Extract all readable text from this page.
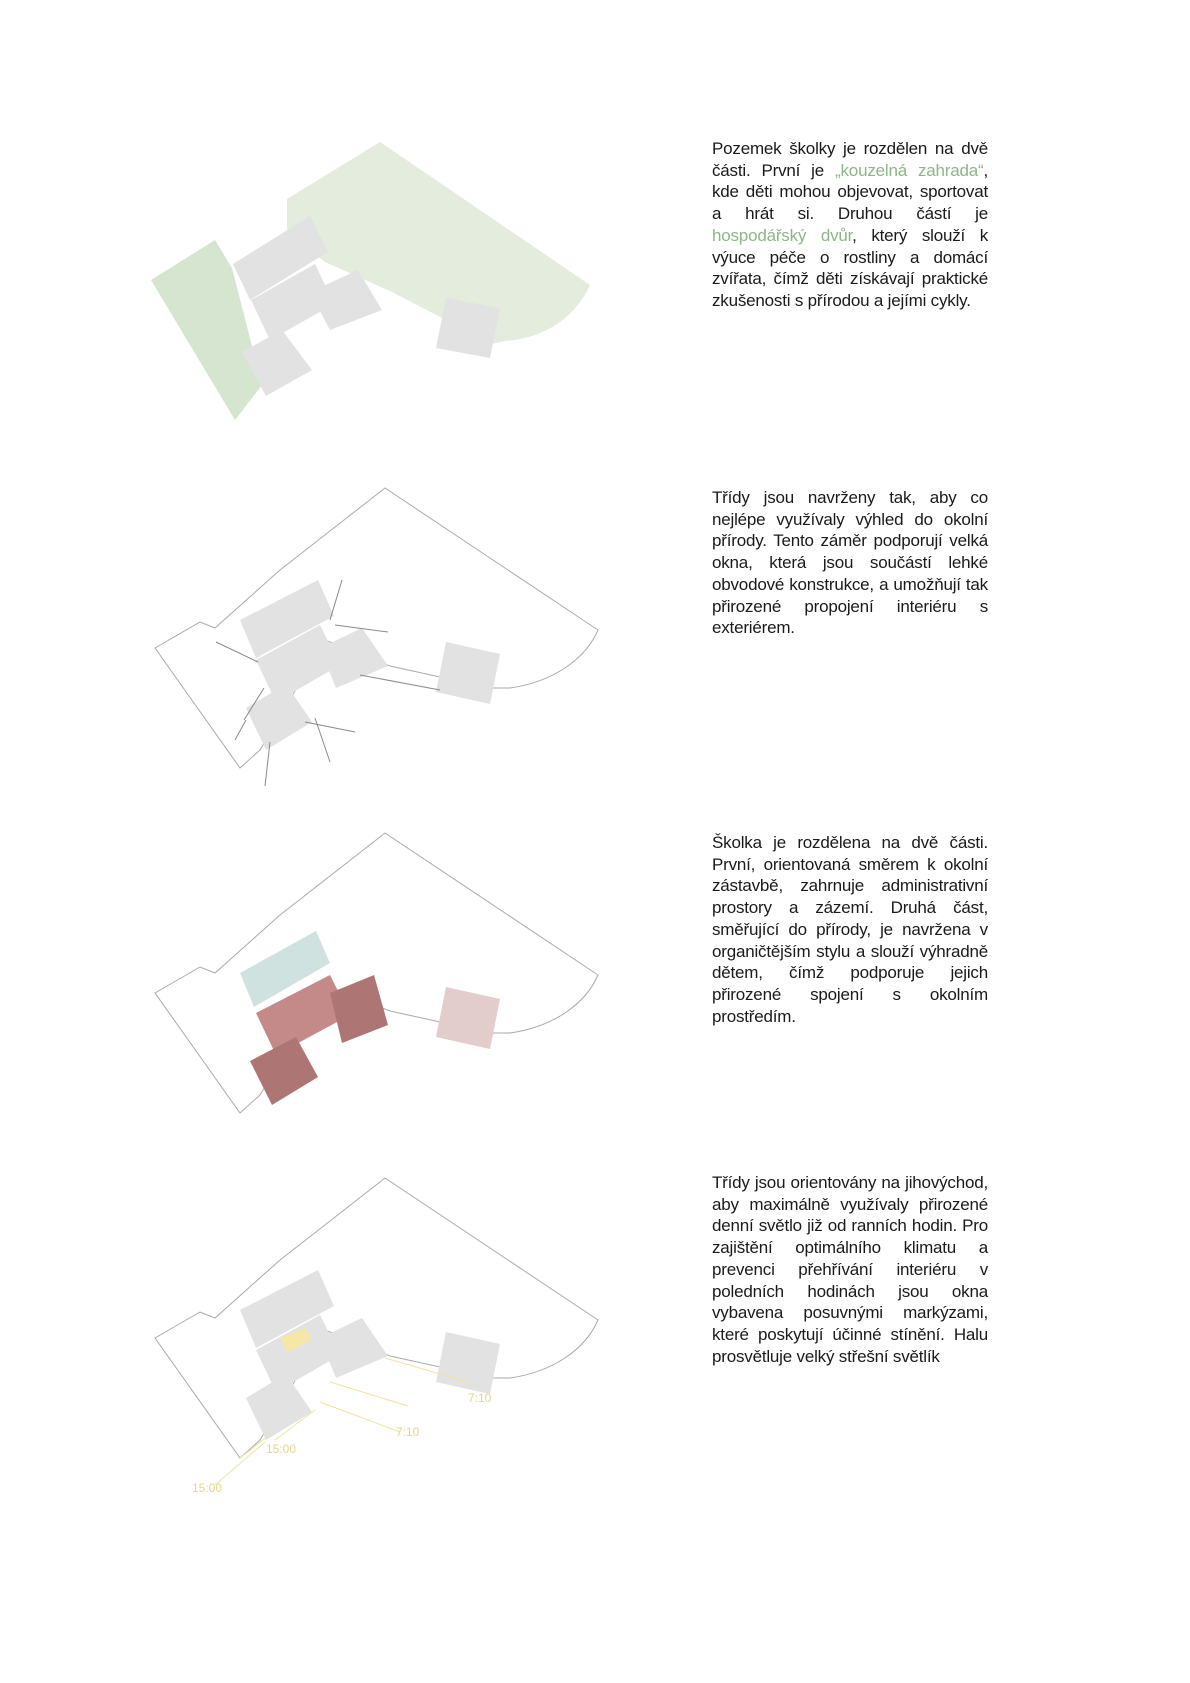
Pozemek školky je rozdělen na dvě části. První je „kouzelná zahrada“, kde děti mohou objevovat, sportovat a hrát si. Druhou částí je hospodářský dvůr, který slouží k výuce péče o rostliny a domácí zvířata, čímž děti získávají praktické zkušenosti s přírodou a jejími cykly.
Třídy jsou navrženy tak, aby co nejlépe využívaly výhled do okolní přírody. Tento záměr podporují velká okna, která jsou součástí lehké obvodové konstrukce, a umožňují tak přirozené propojení interiéru s exteriérem.
Školka je rozdělena na dvě části. První, orientovaná směrem k okolní zástavbě, zahrnuje administrativní prostory a zázemí. Druhá část, směřující do přírody, je navržena v organičtějším stylu a slouží výhradně dětem, čímž podporuje jejich přirozené spojení s okolním prostředím.
7:10
7:10
15:00
15:00
Třídy jsou orientovány na jihovýchod, aby maximálně využívaly přirozené denní světlo již od ranních hodin. Pro zajištění optimálního klimatu a prevenci přehřívání interiéru v poledních hodinách jsou okna vybavena posuvnými markýzami, které poskytují účinné stínění. Halu prosvětluje velký střešní světlík
